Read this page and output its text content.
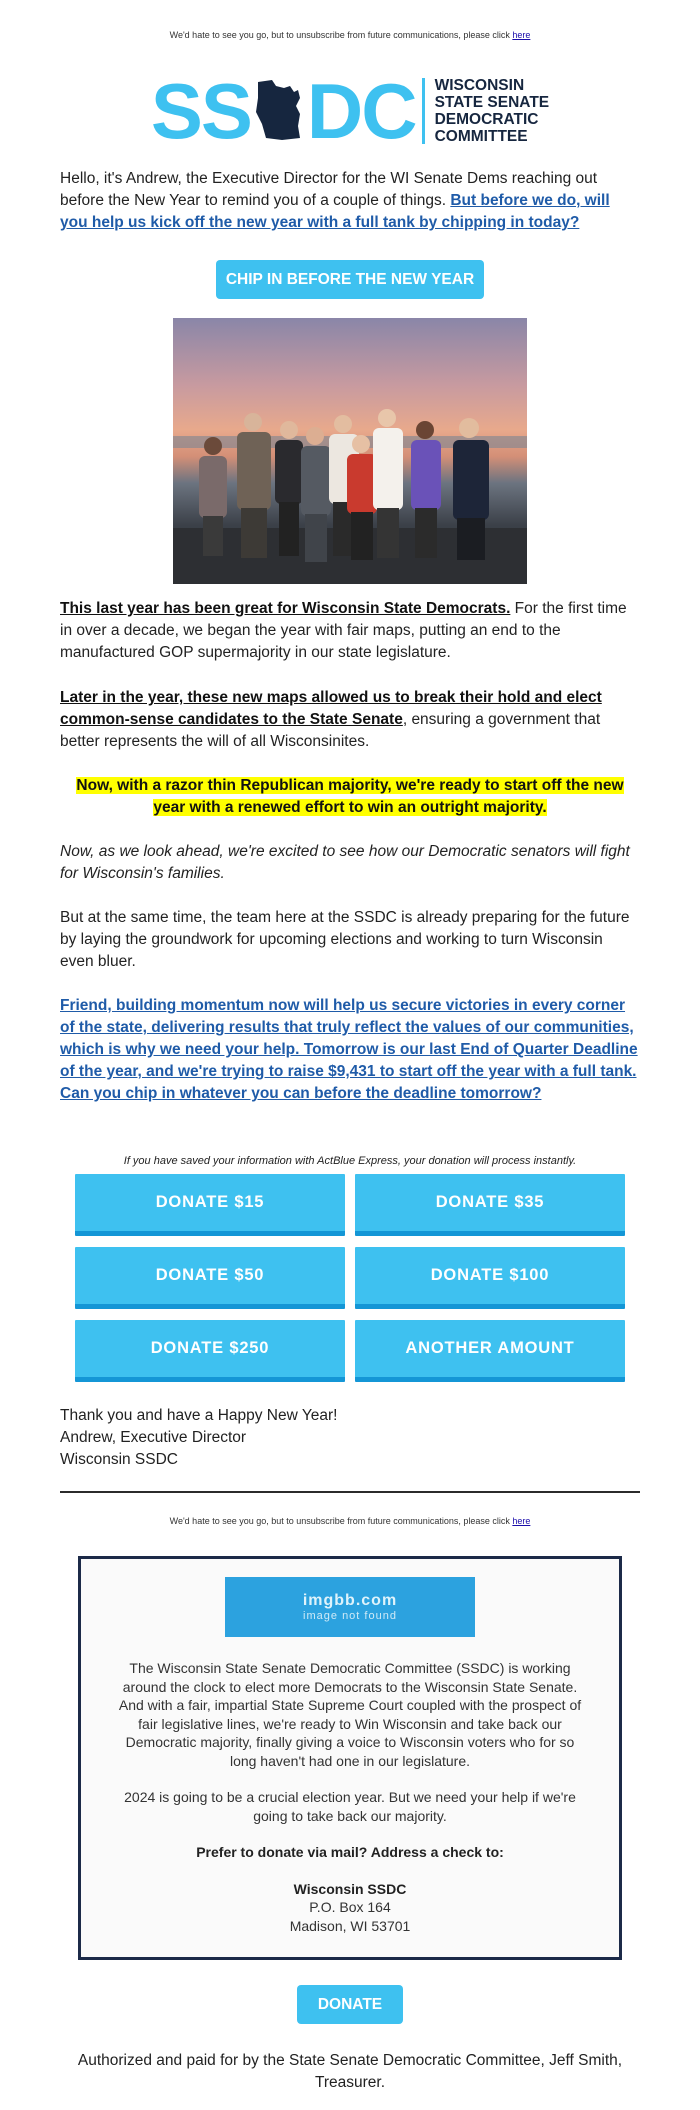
We'd hate to see you go, but to unsubscribe from future communications, please click here
SS DC WISCONSIN
STATE SENATE
DEMOCRATIC
COMMITTEE

Hello, it's Andrew, the Executive Director for the WI Senate Dems reaching out before the New Year to remind you of a couple of things. But before we do, will you help us kick off the new year with a full tank by chipping in today?

CHIP IN BEFORE THE NEW YEAR

This last year has been great for Wisconsin State Democrats. For the first time in over a decade, we began the year with fair maps, putting an end to the manufactured GOP supermajority in our state legislature.

Later in the year, these new maps allowed us to break their hold and elect common-sense candidates to the State Senate, ensuring a government that better represents the will of all Wisconsinites.

Now, with a razor thin Republican majority, we're ready to start off the new year with a renewed effort to win an outright majority.

Now, as we look ahead, we're excited to see how our Democratic senators will fight for Wisconsin's families.

But at the same time, the team here at the SSDC is already preparing for the future by laying the groundwork for upcoming elections and working to turn Wisconsin even bluer.

Friend, building momentum now will help us secure victories in every corner of the state, delivering results that truly reflect the values of our communities, which is why we need your help. Tomorrow is our last End of Quarter Deadline of the year, and we're trying to raise $9,431 to start off the year with a full tank. Can you chip in whatever you can before the deadline tomorrow?

If you have saved your information with ActBlue Express, your donation will process instantly.

DONATE $15	DONATE $35
DONATE $50	DONATE $100
DONATE $250	ANOTHER AMOUNT

Thank you and have a Happy New Year!

Andrew, Executive Director

Wisconsin SSDC

We'd hate to see you go, but to unsubscribe from future communications, please click here
imgbb.com
image not found

The Wisconsin State Senate Democratic Committee (SSDC) is working around the clock to elect more Democrats to the Wisconsin State Senate. And with a fair, impartial State Supreme Court coupled with the prospect of fair legislative lines, we're ready to Win Wisconsin and take back our Democratic majority, finally giving a voice to Wisconsin voters who for so long haven't had one in our legislature.

2024 is going to be a crucial election year. But we need your help if we're going to take back our majority.

Prefer to donate via mail? Address a check to:

Wisconsin SSDC

P.O. Box 164

Madison, WI 53701

DONATE

Authorized and paid for by the State Senate Democratic Committee, Jeff Smith, Treasurer.
